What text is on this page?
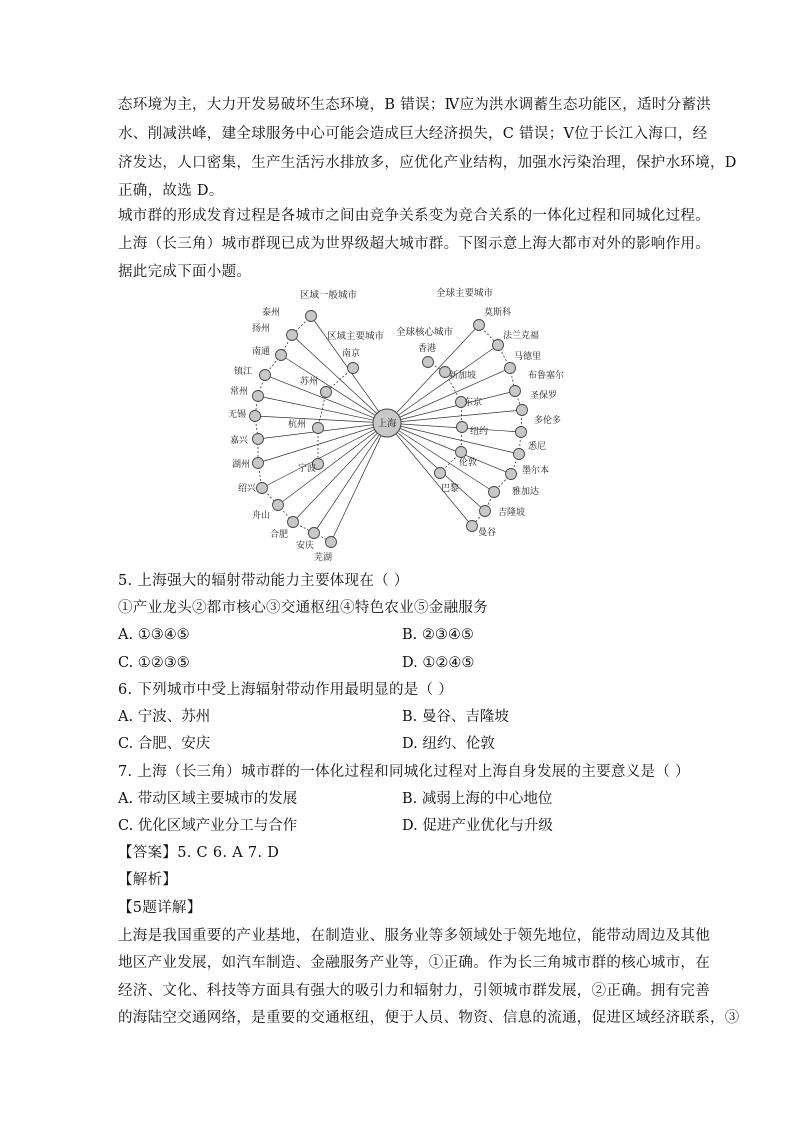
态环境为主，大力开发易破坏生态环境，B 错误；Ⅳ应为洪水调蓄生态功能区，适时分蓄洪
水、削减洪峰，建全球服务中心可能会造成巨大经济损失，C 错误；Ⅴ位于长江入海口，经
济发达，人口密集，生产生活污水排放多，应优化产业结构，加强水污染治理，保护水环境，D
正确，故选 D。
城市群的形成发育过程是各城市之间由竞争关系变为竞合关系的一体化过程和同城化过程。
上海（长三角）城市群现已成为世界级超大城市群。下图示意上海大都市对外的影响作用。
据此完成下面小题。
泰州
扬州
南通
镇江
常州
无锡
嘉兴
湖州
绍兴
舟山
合肥
安庆
芜湖
南京
苏州
杭州
宁波
莫斯科
法兰克福
马德里
布鲁塞尔
圣保罗
多伦多
悉尼
墨尔本
雅加达
吉隆坡
曼谷
香港
新加坡
东京
纽约
伦敦
巴黎
上海
区域一般城市
区域主要城市
全球主要城市
全球核心城市
5. 上海强大的辐射带动能力主要体现在（ ）
①产业龙头②都市核心③交通枢纽④特色农业⑤金融服务
A. ①③④⑤	B. ②③④⑤
C. ①②③⑤	D. ①②④⑤
6. 下列城市中受上海辐射带动作用最明显的是（ ）
A. 宁波、苏州	B. 曼谷、吉隆坡
C. 合肥、安庆	D. 纽约、伦敦
7. 上海（长三角）城市群的一体化过程和同城化过程对上海自身发展的主要意义是（ ）
A. 带动区域主要城市的发展	B. 减弱上海的中心地位
C. 优化区域产业分工与合作	D. 促进产业优化与升级
【答案】5. C 6. A 7. D
【解析】
【5题详解】
上海是我国重要的产业基地，在制造业、服务业等多领域处于领先地位，能带动周边及其他
地区产业发展，如汽车制造、金融服务产业等，①正确。作为长三角城市群的核心城市，在
经济、文化、科技等方面具有强大的吸引力和辐射力，引领城市群发展，②正确。拥有完善
的海陆空交通网络，是重要的交通枢纽，便于人员、物资、信息的流通，促进区域经济联系，③
